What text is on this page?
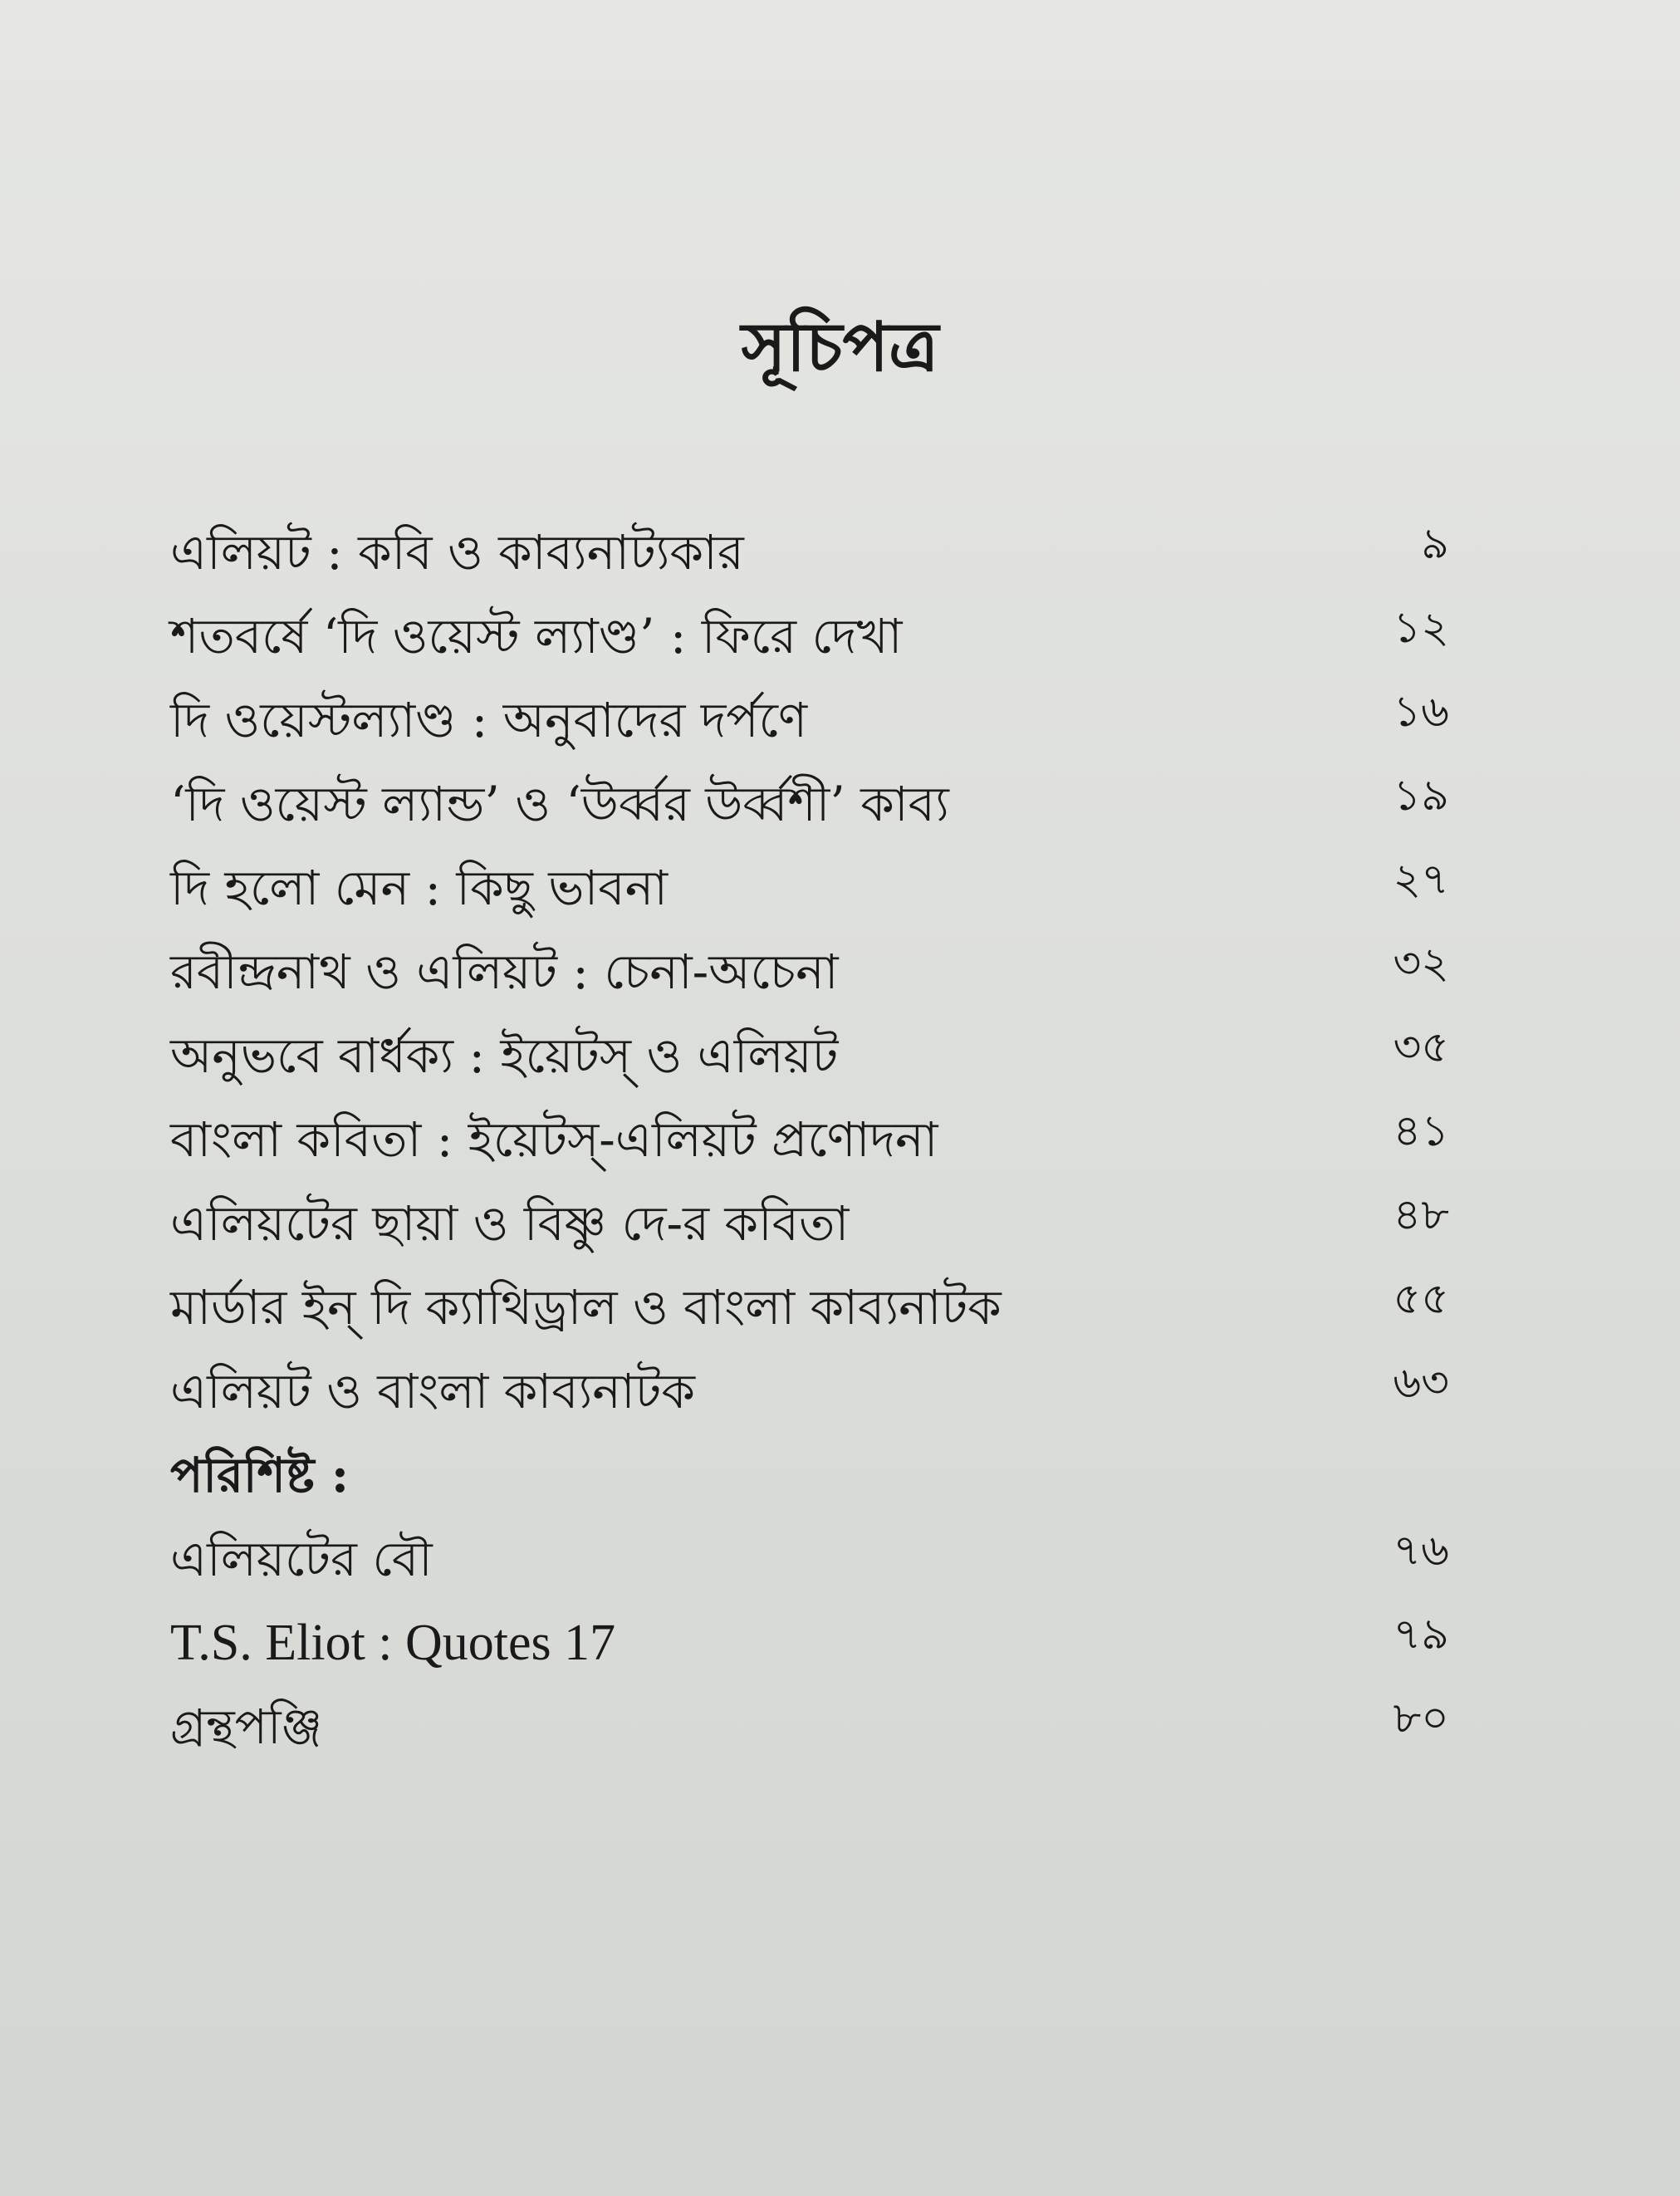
সূচিপত্র
এলিয়ট : কবি ও কাব্যনাট্যকার	৯
শতবর্ষে ‘দি ওয়েস্ট ল্যাণ্ড’ : ফিরে দেখা	১২
দি ওয়েস্টল্যাণ্ড : অনুবাদের দর্পণে	১৬
‘দি ওয়েস্ট ল্যান্ড’ ও ‘উর্ব্বর উর্ব্বশী’ কাব্য	১৯
দি হলো মেন : কিছু ভাবনা	২৭
রবীন্দ্রনাথ ও এলিয়ট : চেনা-অচেনা	৩২
অনুভবে বার্ধক্য : ইয়েটস্ ও এলিয়ট	৩৫
বাংলা কবিতা : ইয়েটস্-এলিয়ট প্রণোদনা	৪১
এলিয়টের ছায়া ও বিষ্ণু দে-র কবিতা	৪৮
মার্ডার ইন্ দি ক্যাথিড্রাল ও বাংলা কাব্যনাটক	৫৫
এলিয়ট ও বাংলা কাব্যনাটক	৬৩
পরিশিষ্ট :
এলিয়টের বৌ	৭৬
T.S. Eliot : Quotes 17	৭৯
গ্রন্থপঞ্জি	৮০
